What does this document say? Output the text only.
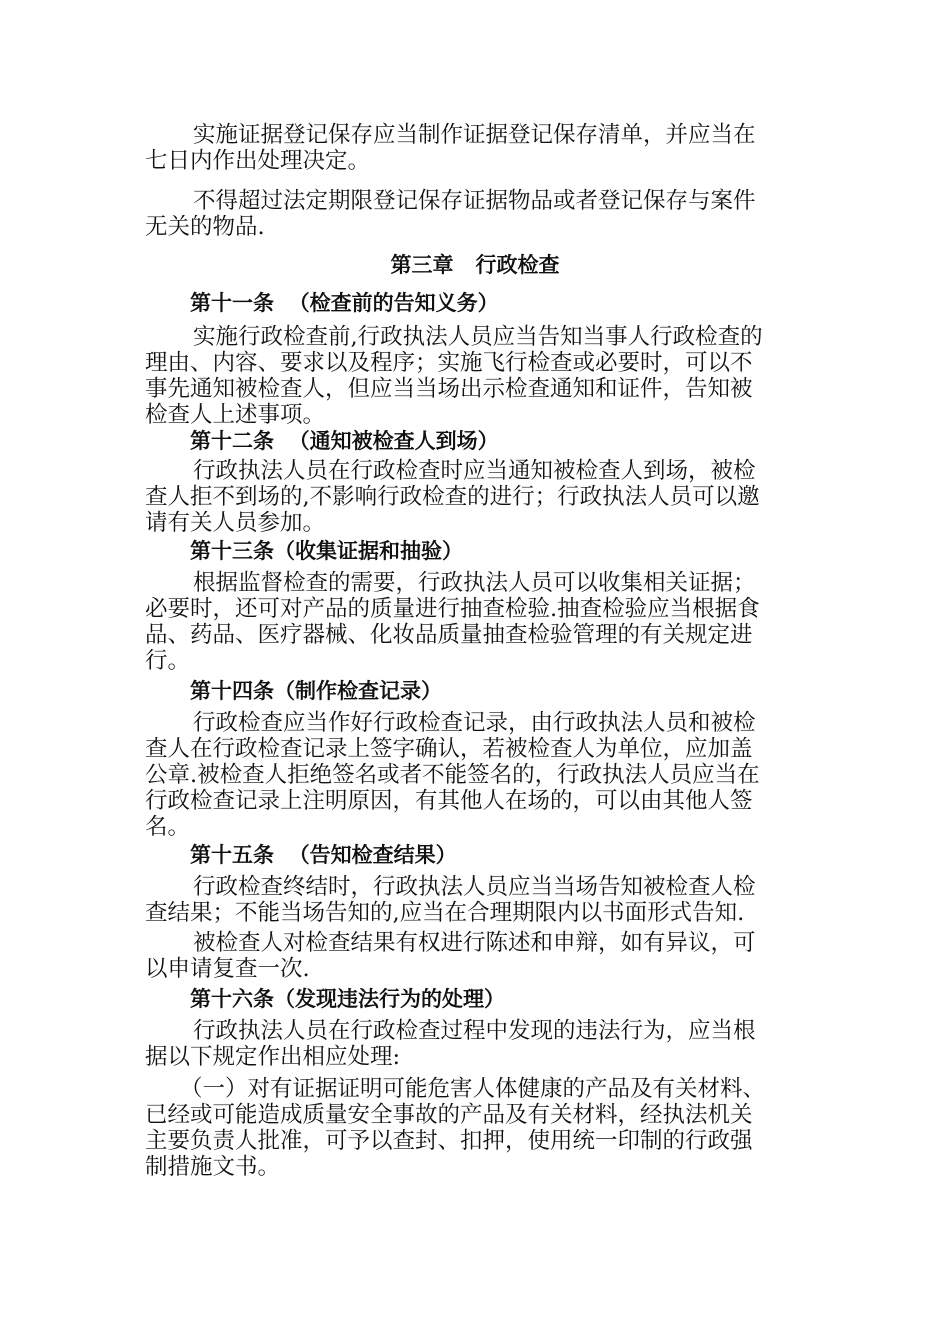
实施证据登记保存应当制作证据登记保存清单，并应当在

七日内作出处理决定。

不得超过法定期限登记保存证据物品或者登记保存与案件

无关的物品.

第三章   行政检查

第十一条  （检查前的告知义务）

实施行政检查前,行政执法人员应当告知当事人行政检查的

理由、内容、要求以及程序；实施飞行检查或必要时，可以不

事先通知被检查人，但应当当场出示检查通知和证件，告知被

检查人上述事项。

第十二条  （通知被检查人到场）

行政执法人员在行政检查时应当通知被检查人到场，被检

查人拒不到场的,不影响行政检查的进行；行政执法人员可以邀

请有关人员参加。

第十三条（收集证据和抽验）

根据监督检查的需要，行政执法人员可以收集相关证据；

必要时，还可对产品的质量进行抽查检验.抽查检验应当根据食

品、药品、医疗器械、化妆品质量抽查检验管理的有关规定进

行。

第十四条（制作检查记录）

行政检查应当作好行政检查记录，由行政执法人员和被检

查人在行政检查记录上签字确认，若被检查人为单位，应加盖

公章.被检查人拒绝签名或者不能签名的，行政执法人员应当在

行政检查记录上注明原因，有其他人在场的，可以由其他人签

名。

第十五条  （告知检查结果）

行政检查终结时，行政执法人员应当当场告知被检查人检

查结果；不能当场告知的,应当在合理期限内以书面形式告知.

被检查人对检查结果有权进行陈述和申辩，如有异议，可

以申请复查一次.

第十六条（发现违法行为的处理）

行政执法人员在行政检查过程中发现的违法行为，应当根

据以下规定作出相应处理:

（一）对有证据证明可能危害人体健康的产品及有关材料、

已经或可能造成质量安全事故的产品及有关材料，经执法机关

主要负责人批准，可予以查封、扣押，使用统一印制的行政强

制措施文书。
